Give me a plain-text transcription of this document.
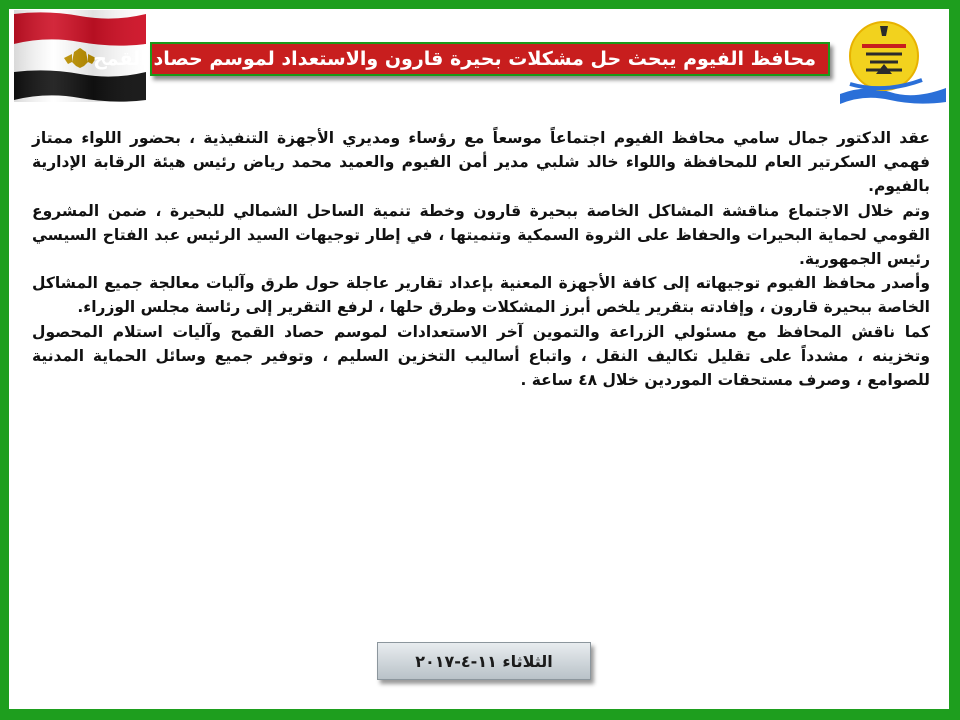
محافظ الفيوم يبحث حل مشكلات بحيرة قارون والاستعداد لموسم حصاد القمح

عقد الدكتور جمال سامي محافظ الفيوم اجتماعاً موسعاً مع رؤساء ومديري الأجهزة التنفيذية ، بحضور اللواء ممتاز فهمي السكرتير العام للمحافظة واللواء خالد شلبي مدير أمن الفيوم والعميد محمد رياض رئيس هيئة الرقابة الإدارية بالفيوم.

وتم خلال الاجتماع مناقشة المشاكل الخاصة ببحيرة قارون وخطة تنمية الساحل الشمالي للبحيرة ، ضمن المشروع القومي لحماية البحيرات والحفاظ على الثروة السمكية وتنميتها ، في إطار توجيهات السيد الرئيس عبد الفتاح السيسي رئيس الجمهورية.

وأصدر محافظ الفيوم توجيهاته إلى كافة الأجهزة المعنية بإعداد تقارير عاجلة حول طرق وآليات معالجة جميع المشاكل الخاصة ببحيرة قارون ، وإفادته بتقرير يلخص أبرز المشكلات وطرق حلها ، لرفع التقرير إلى رئاسة مجلس الوزراء.

كما ناقش المحافظ مع مسئولي الزراعة والتموين آخر الاستعدادات لموسم حصاد القمح وآليات استلام المحصول وتخزينه ، مشدداً على تقليل تكاليف النقل ، واتباع أساليب التخزين السليم ، وتوفير جميع وسائل الحماية المدنية للصوامع ، وصرف مستحقات الموردين خلال ٤٨ ساعة .

الثلاثاء ١١-٤-٢٠١٧
